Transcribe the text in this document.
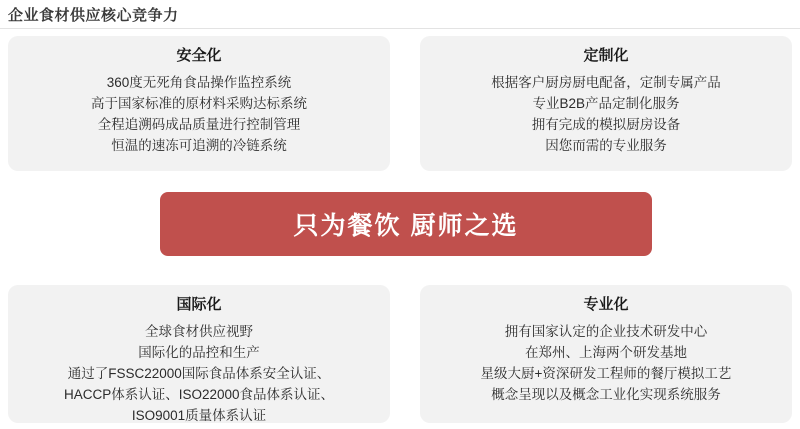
企业食材供应核心竞争力
安全化
360度无死角食品操作监控系统
高于国家标准的原材料采购达标系统
全程追溯码成品质量进行控制管理
恒温的速冻可追溯的冷链系统
定制化
根据客户厨房厨电配备，定制专属产品
专业B2B产品定制化服务
拥有完成的模拟厨房设备
因您而需的专业服务
只为餐饮 厨师之选
国际化
全球食材供应视野
国际化的品控和生产
通过了FSSC22000国际食品体系安全认证、
HACCP体系认证、ISO22000食品体系认证、
ISO9001质量体系认证
专业化
拥有国家认定的企业技术研发中心
在郑州、上海两个研发基地
星级大厨+资深研发工程师的餐厅模拟工艺
概念呈现以及概念工业化实现系统服务
